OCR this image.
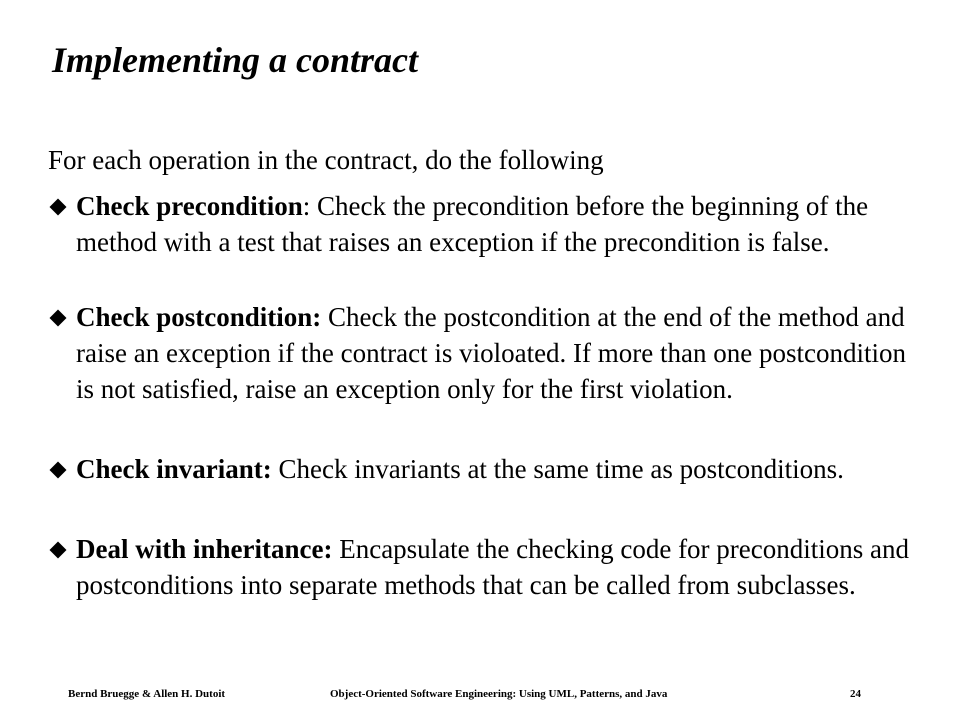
Implementing a contract
For each operation in the contract, do the following
Check precondition: Check the precondition before the beginning of the method with a test that raises an exception if the precondition is false.
Check postcondition: Check the postcondition at the end of the method and raise an exception if the contract is violoated. If more than one postcondition is not satisfied, raise an exception only for the first violation.
Check invariant: Check invariants at the same time as postconditions.
Deal with inheritance: Encapsulate the checking code for preconditions and postconditions into separate methods that can be called from subclasses.
Bernd Bruegge & Allen H. Dutoit	Object-Oriented Software Engineering: Using UML, Patterns, and Java	24
